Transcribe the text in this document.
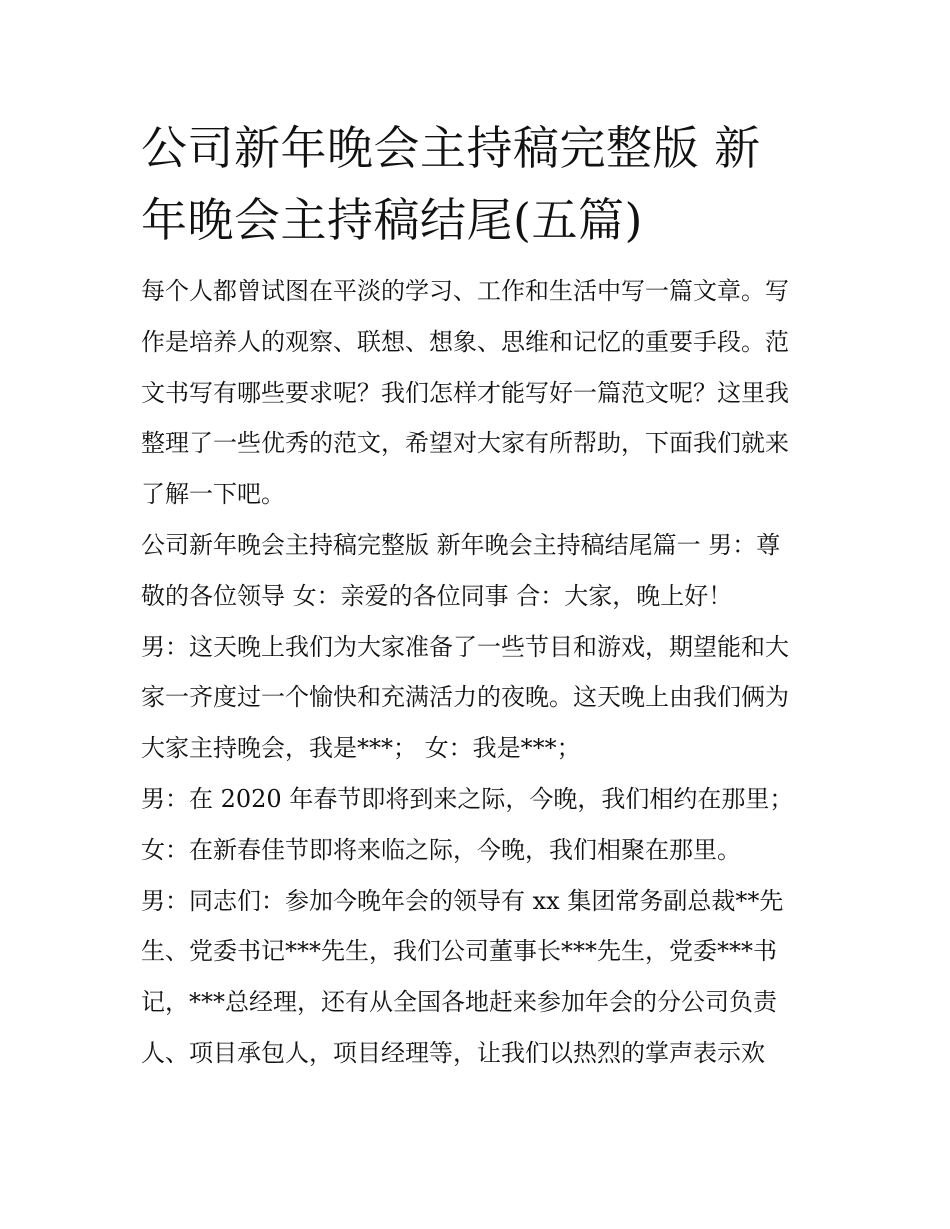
公司新年晚会主持稿完整版 新
年晚会主持稿结尾(五篇)

每个人都曾试图在平淡的学习、工作和生活中写一篇文章。写

作是培养人的观察、联想、想象、思维和记忆的重要手段。范

文书写有哪些要求呢？我们怎样才能写好一篇范文呢？这里我

整理了一些优秀的范文，希望对大家有所帮助，下面我们就来

了解一下吧。

公司新年晚会主持稿完整版 新年晚会主持稿结尾篇一 男：尊

敬的各位领导 女：亲爱的各位同事 合：大家，晚上好！

男：这天晚上我们为大家准备了一些节目和游戏，期望能和大

家一齐度过一个愉快和充满活力的夜晚。这天晚上由我们俩为

大家主持晚会，我是***； 女：我是***；

男：在 2020 年春节即将到来之际，今晚，我们相约在那里；

女：在新春佳节即将来临之际，今晚，我们相聚在那里。

男：同志们：参加今晚年会的领导有 xx 集团常务副总裁**先

生、党委书记***先生，我们公司董事长***先生，党委***书

记，***总经理，还有从全国各地赶来参加年会的分公司负责

人、项目承包人，项目经理等，让我们以热烈的掌声表示欢
